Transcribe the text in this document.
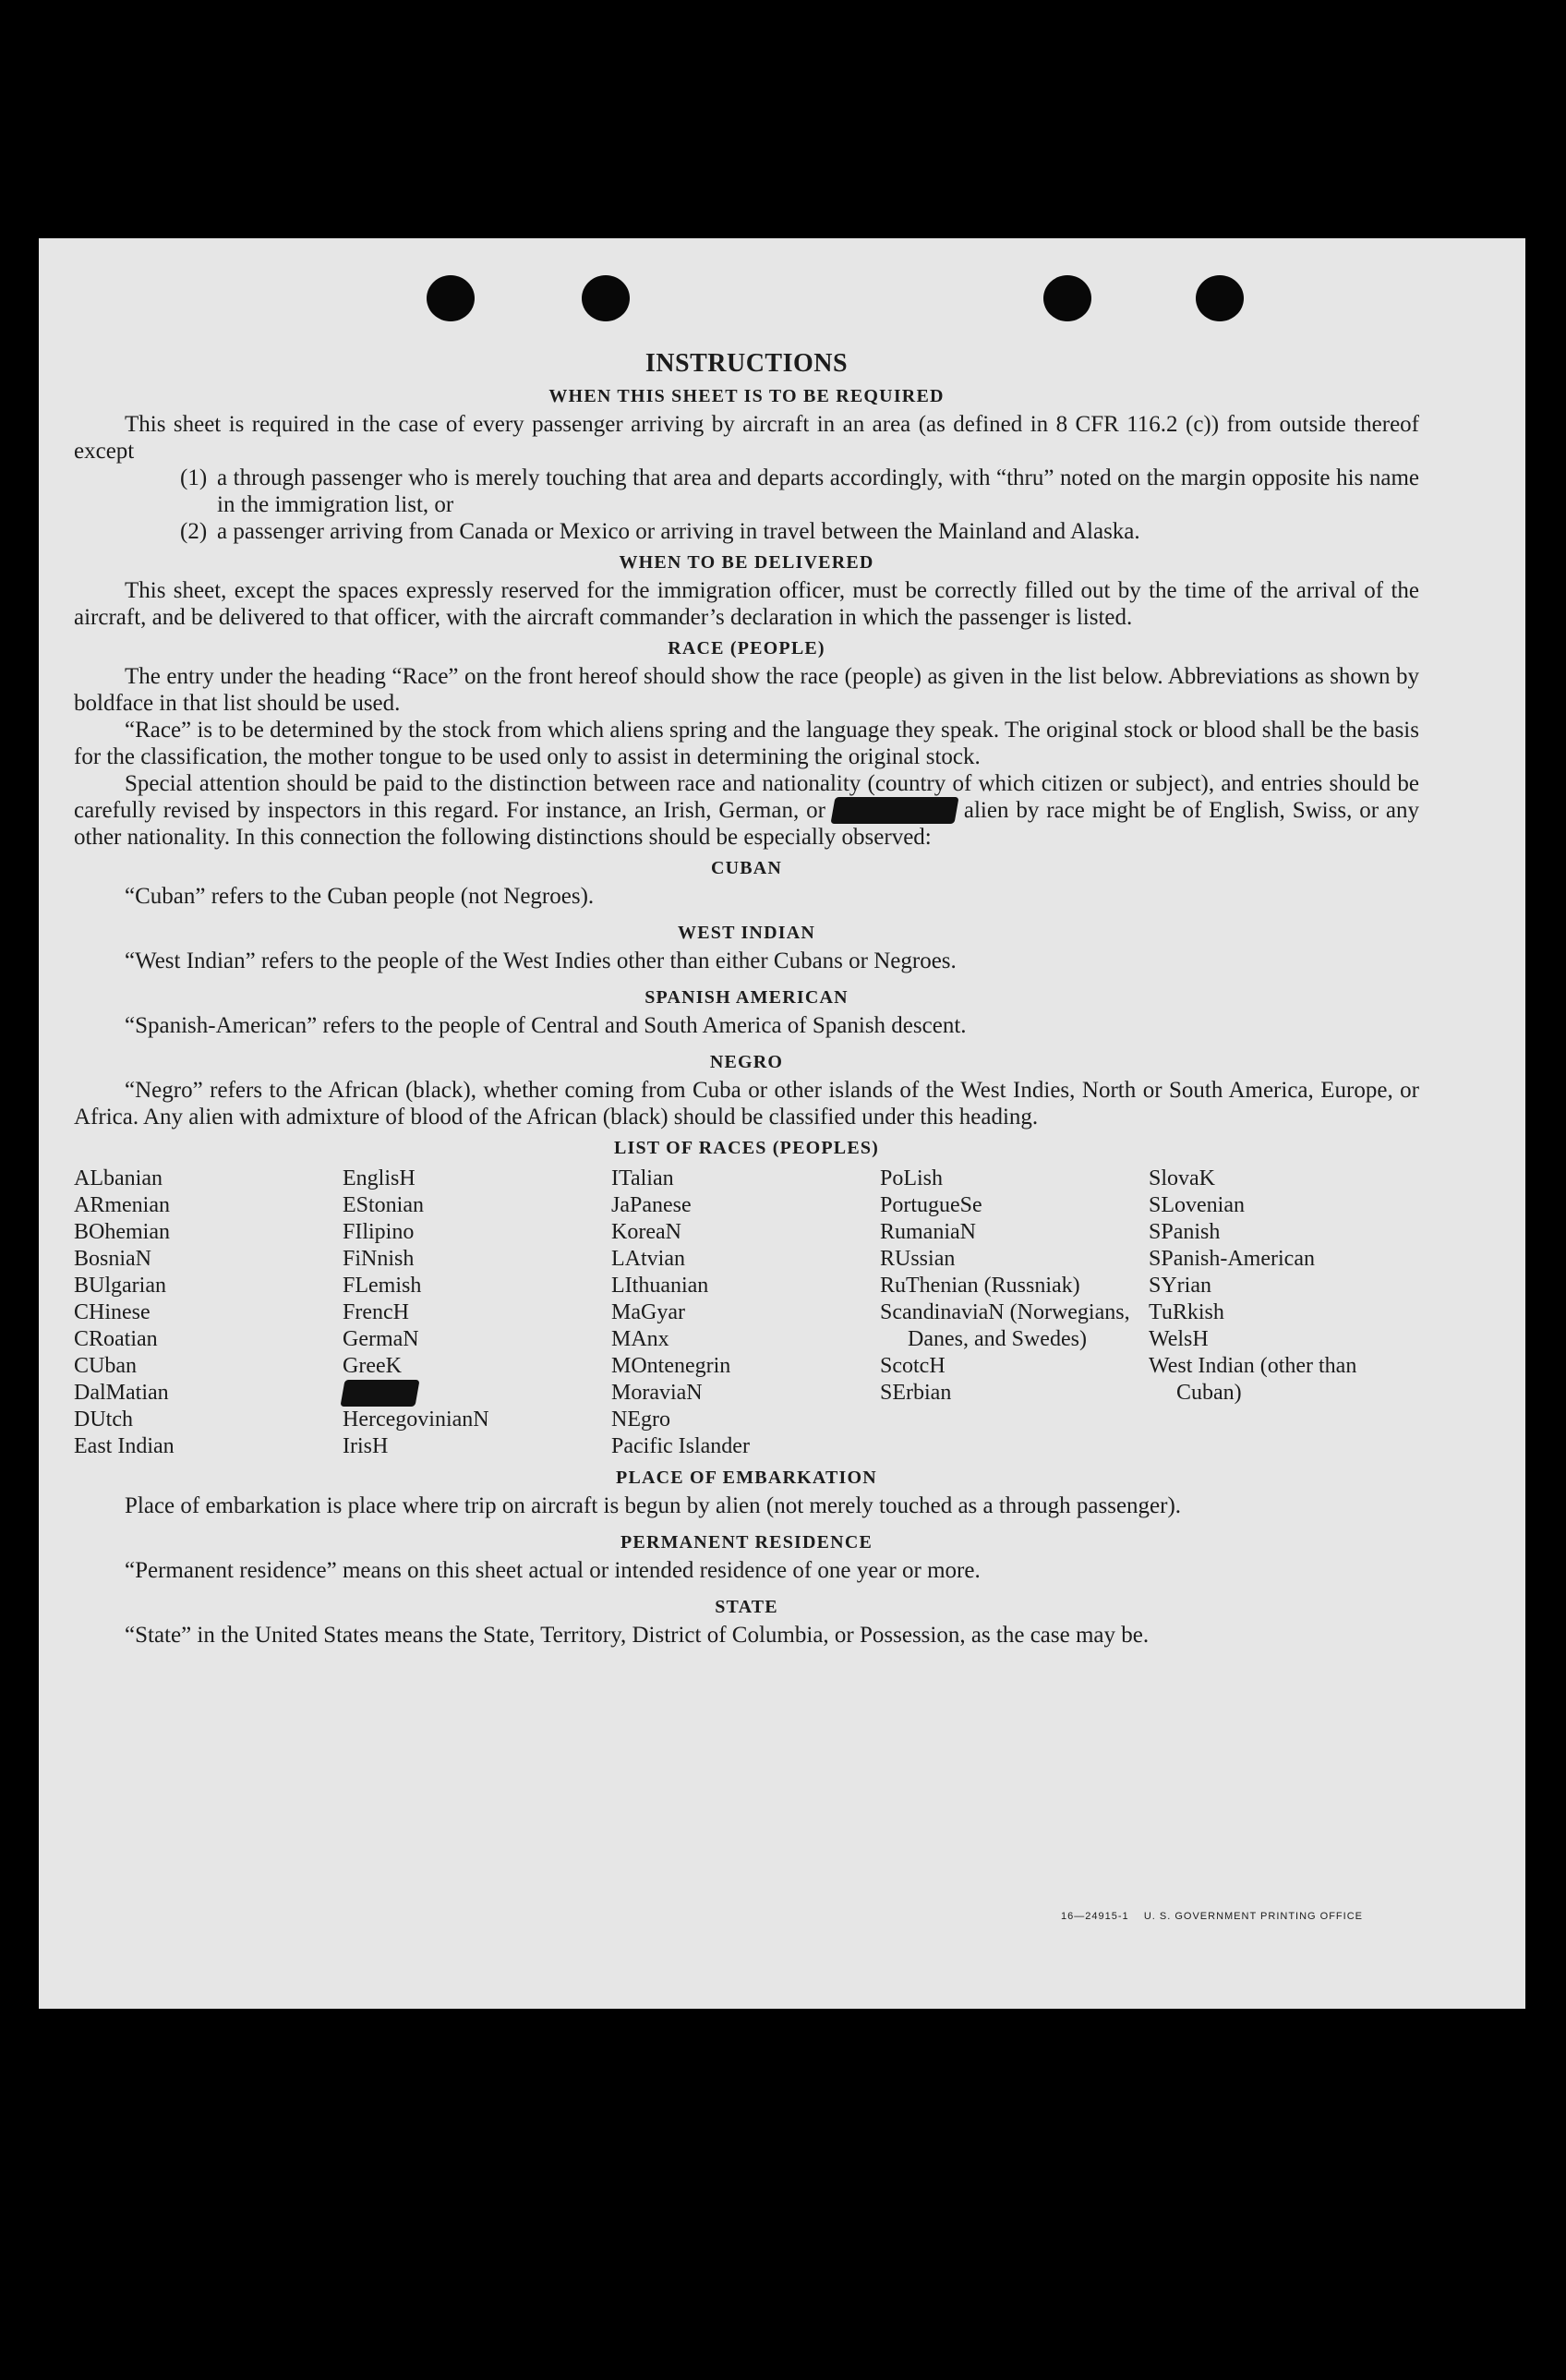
INSTRUCTIONS
WHEN THIS SHEET IS TO BE REQUIRED

This sheet is required in the case of every passenger arriving by aircraft in an area (as defined in 8 CFR 116.2 (c)) from outside thereof except

(1) a through passenger who is merely touching that area and departs accordingly, with “thru” noted on the margin opposite his name in the immigration list, or
(2) a passenger arriving from Canada or Mexico or arriving in travel between the Mainland and Alaska.
WHEN TO BE DELIVERED

This sheet, except the spaces expressly reserved for the immigration officer, must be correctly filled out by the time of the arrival of the aircraft, and be delivered to that officer, with the aircraft commander’s declaration in which the passenger is listed.

RACE (PEOPLE)

The entry under the heading “Race” on the front hereof should show the race (people) as given in the list below. Abbreviations as shown by boldface in that list should be used.

“Race” is to be determined by the stock from which aliens spring and the language they speak. The original stock or blood shall be the basis for the classification, the mother tongue to be used only to assist in determining the original stock.

Special attention should be paid to the distinction between race and nationality (country of which citizen or subject), and entries should be carefully revised by inspectors in this regard. For instance, an Irish, German, or	alien by race might be of English, Swiss, or any other nationality. In this connection the following distinctions should be especially observed:

CUBAN

“Cuban” refers to the Cuban people (not Negroes).

WEST INDIAN

“West Indian” refers to the people of the West Indies other than either Cubans or Negroes.

SPANISH AMERICAN

“Spanish-American” refers to the people of Central and South America of Spanish descent.

NEGRO

“Negro” refers to the African (black), whether coming from Cuba or other islands of the West Indies, North or South America, Europe, or Africa. Any alien with admixture of blood of the African (black) should be classified under this heading.

LIST OF RACES (PEOPLES)
ALbanian
ARmenian
BOhemian
BosniaN
BUlgarian
CHinese
CRoatian
CUban
DalMatian
DUtch
East Indian
EnglisH
EStonian
FIlipino
FiNnish
FLemish
FrencH
GermaN
GreeK
HercegovinianN
IrisH
ITalian
JaPanese
KoreaN
LAtvian
LIthuanian
MaGyar
MAnx
MOntenegrin
MoraviaN
NEgro
Pacific Islander
PoLish
PortugueSe
RumaniaN
RUssian
RuThenian (Russniak)
ScandinaviaN (Norwegians, Danes, and Swedes)
ScotcH
SErbian
SlovaK
SLovenian
SPanish
SPanish-American
SYrian
TuRkish
WelsH
West Indian (other than Cuban)
PLACE OF EMBARKATION

Place of embarkation is place where trip on aircraft is begun by alien (not merely touched as a through passenger).

PERMANENT RESIDENCE

“Permanent residence” means on this sheet actual or intended residence of one year or more.

STATE

“State” in the United States means the State, Territory, District of Columbia, or Possession, as the case may be.

16—24915-1 U. S. GOVERNMENT PRINTING OFFICE
